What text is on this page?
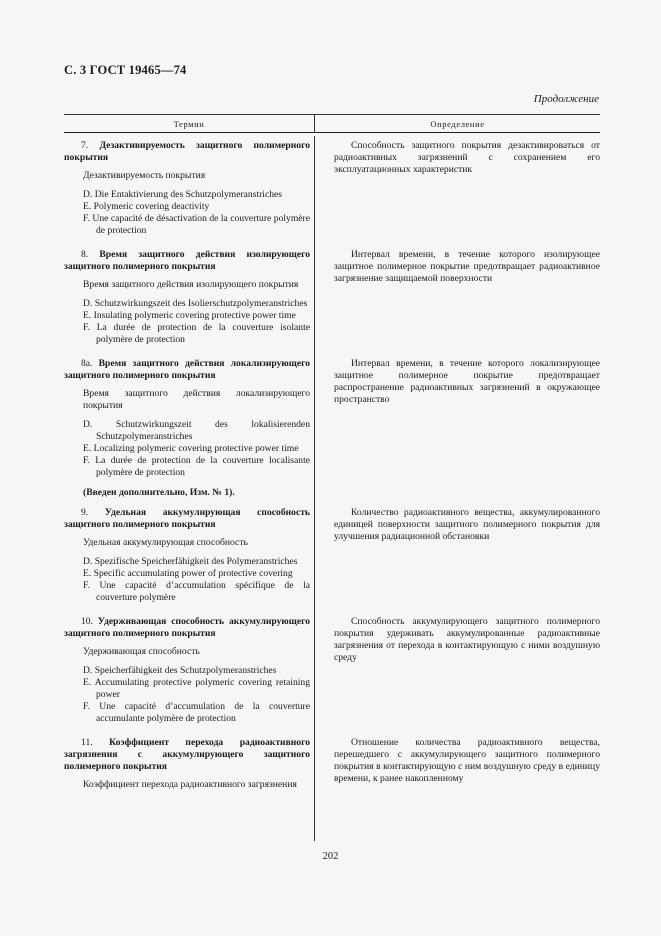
С. 3 ГОСТ 19465—74
Продолжение
Термин	Определение
7. Дезактивируемость защитного полимерного покрытия
Дезактивируемость покрытия
D. Die Entaktivierung des Schutzpolymeranstriches
E. Polymeric covering deactivity
F. Une capacité de désactivation de la couverture polymère de protection
Способность защитного покрытия дезактивироваться от радиоактивных загрязнений с сохранением его эксплуатационных характеристик
8. Время защитного действия изолирующего защитного полимерного покрытия
Время защитного действия изолирующего покрытия
D. Schutzwirkungszeit des Isolierschutzpolymeranstriches
E. Insulating polymeric covering protective power time
F. La durée de protection de la couverture isolante polymère de protection
Интервал времени, в течение которого изолирующее защитное полимерное покрытие предотвращает радиоактивное загрязнение защищаемой поверхности
8а. Время защитного действия локализирующего защитного полимерного покрытия
Время защитного действия локализирующего покрытия
D. Schutzwirkungszeit des lokalisierenden Schutzpolymeranstriches
E. Localizing polymeric covering protective power time
F. La durée de protection de la couverture localisante polymère de protection
(Введен дополнительно, Изм. № 1).
Интервал времени, в течение которого локализирующее защитное полимерное покрытие предотвращает распространение радиоактивных загрязнений в окружающее пространство
9. Удельная аккумулирующая способность защитного полимерного покрытия
Удельная аккумулирующая способность
D. Spezifische Speicherfähigkeit des Polymeranstriches
E. Specific accumulating power of protective covering
F. Une capacité d’accumulation spécifique de la couverture polymère
Количество радиоактивного вещества, аккумулированного единицей поверхности защитного полимерного покрытия для улучшения радиационной обстановки
10. Удерживающая способность аккумулирующего защитного полимерного покрытия
Удерживающая способность
D. Speicherfähigkeit des Schutzpolymeranstriches
E. Accumulating protective polymeric covering retaining power
F. Une capacité d’accumulation de la couverture accumulante polymère de protection
Способность аккумулирующего защитного полимерного покрытия удерживать аккумулированные радиоактивные загрязнения от перехода в контактирующую с ними воздушную среду
11. Коэффициент перехода радиоактивного загрязнения с аккумулирующего защитного полимерного покрытия
Коэффициент перехода радиоактивного загрязнения
Отношение количества радиоактивного вещества, перешедшего с аккумулирующего защитного полимерного покрытия в контактирующую с ним воздушную среду в единицу времени, к ранее накопленному
202
